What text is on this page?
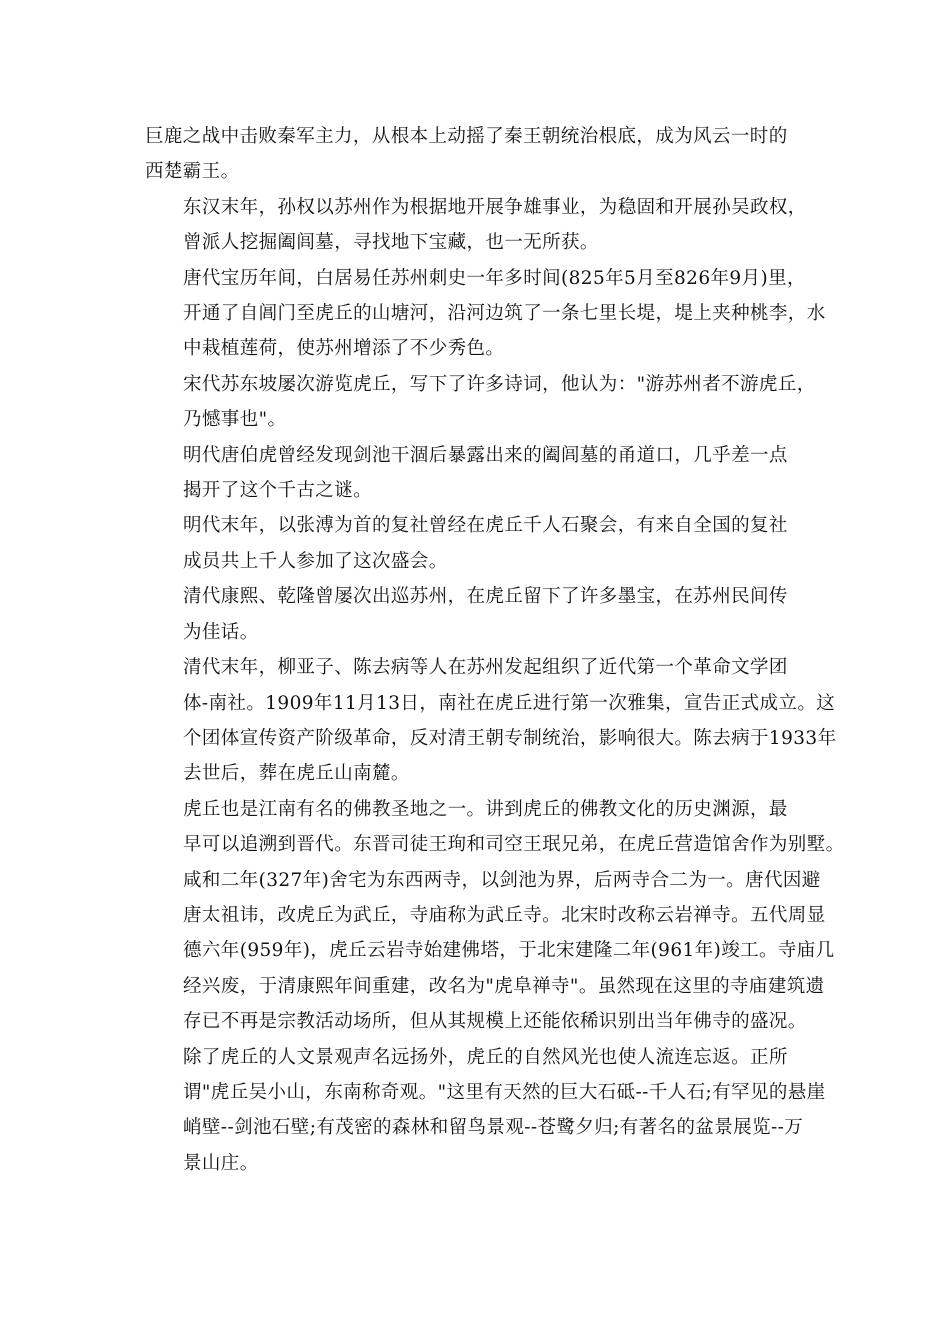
巨鹿之战中击败秦军主力，从根本上动摇了秦王朝统治根底，成为风云一时的
西楚霸王。

东汉末年，孙权以苏州作为根据地开展争雄事业，为稳固和开展孙吴政权，
曾派人挖掘阖闾墓，寻找地下宝藏，也一无所获。

唐代宝历年间，白居易任苏州刺史一年多时间(825年5月至826年9月)里，
开通了自阊门至虎丘的山塘河，沿河边筑了一条七里长堤，堤上夹种桃李，水
中栽植莲荷，使苏州增添了不少秀色。

宋代苏东坡屡次游览虎丘，写下了许多诗词，他认为："游苏州者不游虎丘，
乃憾事也"。

明代唐伯虎曾经发现剑池干涸后暴露出来的阖闾墓的甬道口，几乎差一点
揭开了这个千古之谜。

明代末年，以张溥为首的复社曾经在虎丘千人石聚会，有来自全国的复社
成员共上千人参加了这次盛会。

清代康熙、乾隆曾屡次出巡苏州，在虎丘留下了许多墨宝，在苏州民间传
为佳话。

清代末年，柳亚子、陈去病等人在苏州发起组织了近代第一个革命文学团
体-南社。1909年11月13日，南社在虎丘进行第一次雅集，宣告正式成立。这
个团体宣传资产阶级革命，反对清王朝专制统治，影响很大。陈去病于1933年
去世后，葬在虎丘山南麓。

虎丘也是江南有名的佛教圣地之一。讲到虎丘的佛教文化的历史渊源，最
早可以追溯到晋代。东晋司徒王珣和司空王珉兄弟，在虎丘营造馆舍作为别墅。
咸和二年(327年)舍宅为东西两寺，以剑池为界，后两寺合二为一。唐代因避
唐太祖讳，改虎丘为武丘，寺庙称为武丘寺。北宋时改称云岩禅寺。五代周显
德六年(959年)，虎丘云岩寺始建佛塔，于北宋建隆二年(961年)竣工。寺庙几
经兴废，于清康熙年间重建，改名为"虎阜禅寺"。虽然现在这里的寺庙建筑遗
存已不再是宗教活动场所，但从其规模上还能依稀识别出当年佛寺的盛况。

除了虎丘的人文景观声名远扬外，虎丘的自然风光也使人流连忘返。正所
谓"虎丘吴小山，东南称奇观。"这里有天然的巨大石砥--千人石;有罕见的悬崖
峭壁--剑池石壁;有茂密的森林和留鸟景观--苍鹭夕归;有著名的盆景展览--万
景山庄。
